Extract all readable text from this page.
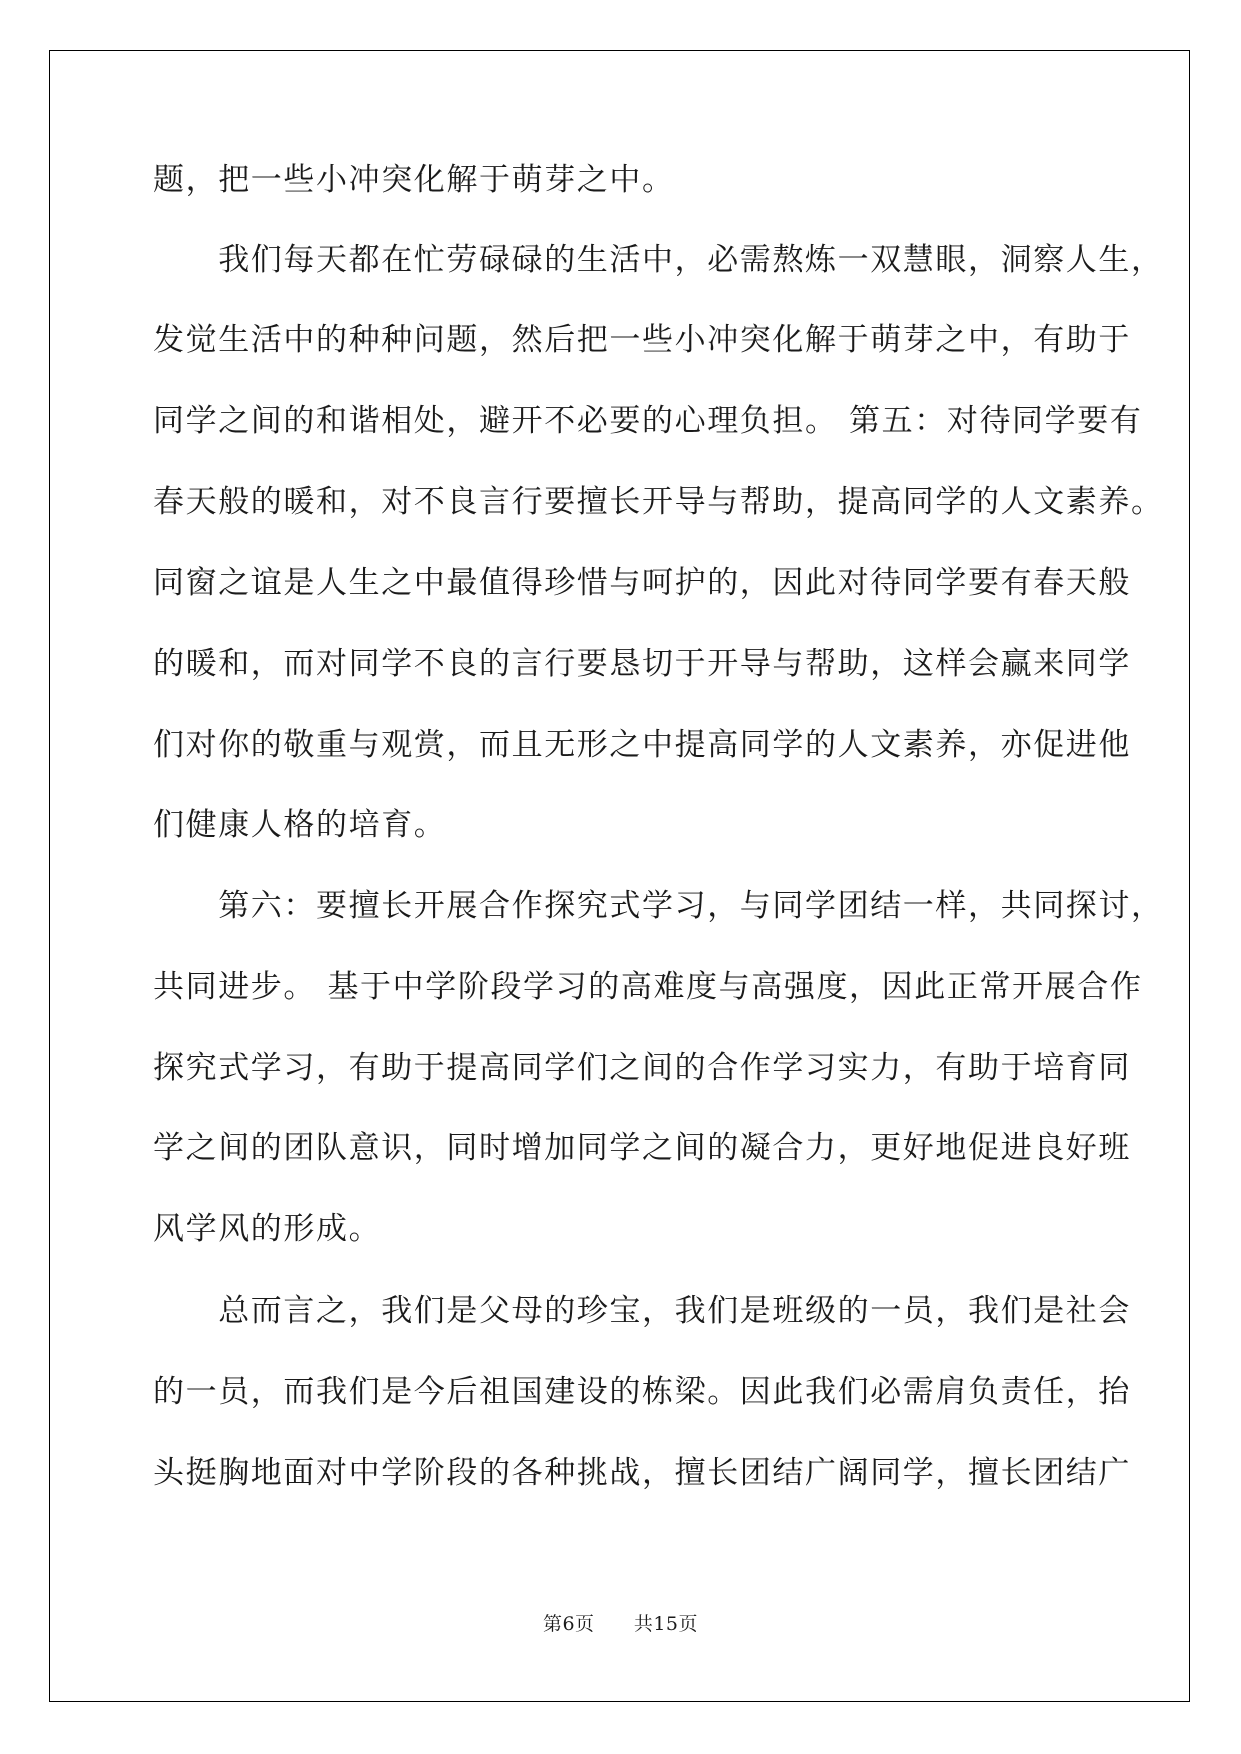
题，把一些小冲突化解于萌芽之中。
　　我们每天都在忙劳碌碌的生活中，必需熬炼一双慧眼，洞察人生，
发觉生活中的种种问题，然后把一些小冲突化解于萌芽之中，有助于
同学之间的和谐相处，避开不必要的心理负担。 第五：对待同学要有
春天般的暖和，对不良言行要擅长开导与帮助，提高同学的人文素养。
同窗之谊是人生之中最值得珍惜与呵护的，因此对待同学要有春天般
的暖和，而对同学不良的言行要恳切于开导与帮助，这样会赢来同学
们对你的敬重与观赏，而且无形之中提高同学的人文素养，亦促进他
们健康人格的培育。
　　第六：要擅长开展合作探究式学习，与同学团结一样，共同探讨，
共同进步。 基于中学阶段学习的高难度与高强度，因此正常开展合作
探究式学习，有助于提高同学们之间的合作学习实力，有助于培育同
学之间的团队意识，同时增加同学之间的凝合力，更好地促进良好班
风学风的形成。
　　总而言之，我们是父母的珍宝，我们是班级的一员，我们是社会
的一员，而我们是今后祖国建设的栋梁。因此我们必需肩负责任，抬
头挺胸地面对中学阶段的各种挑战，擅长团结广阔同学，擅长团结广
第6页 共15页
